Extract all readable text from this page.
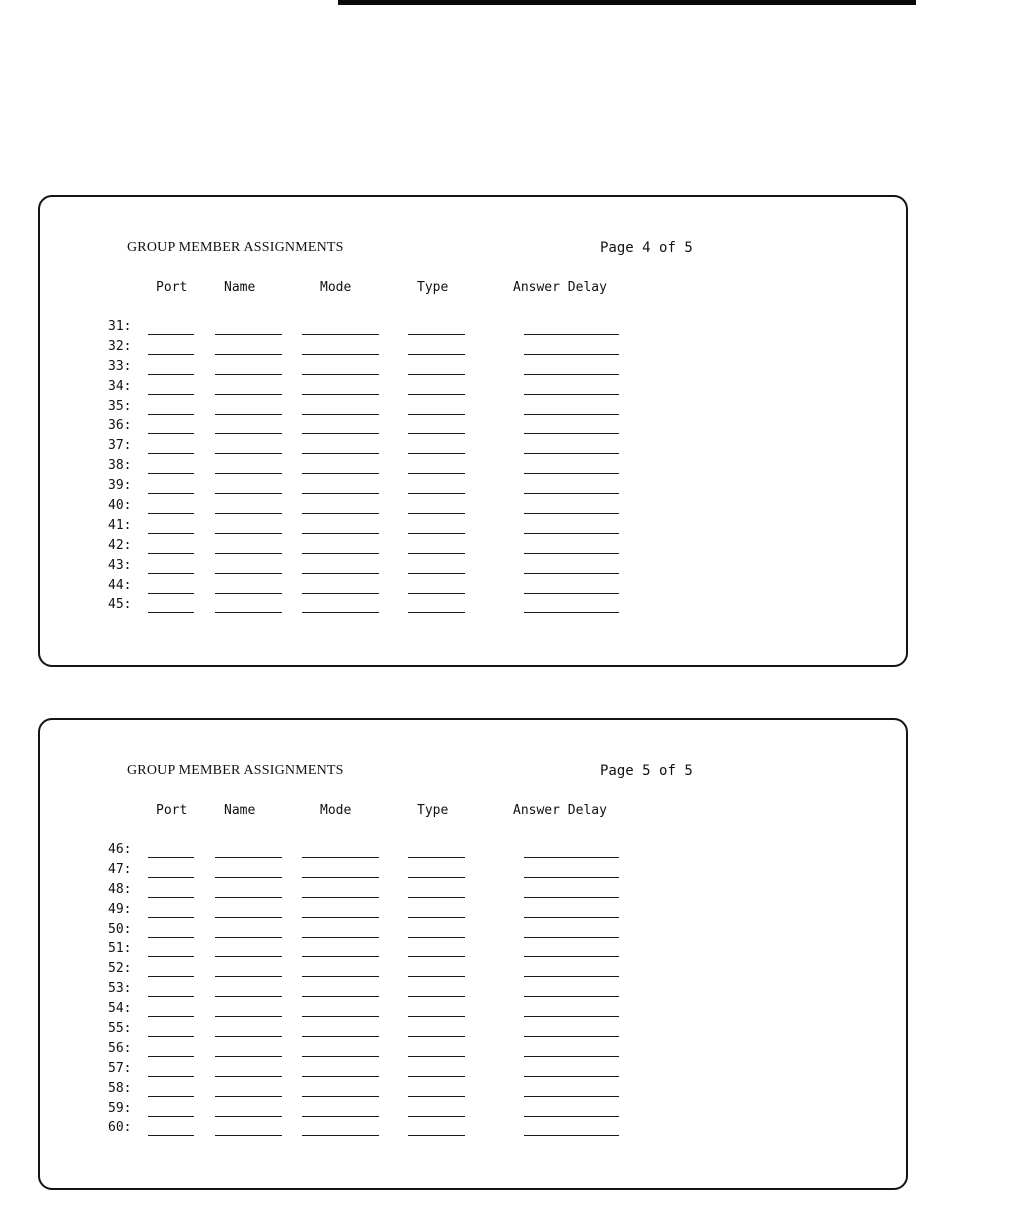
GROUP MEMBER ASSIGNMENTS	Page 4 of 5
Port	Name	Mode	Type	Answer Delay
31:
32:
33:
34:
35:
36:
37:
38:
39:
40:
41:
42:
43:
44:
45:
GROUP MEMBER ASSIGNMENTS	Page 5 of 5
Port	Name	Mode	Type	Answer Delay
46:
47:
48:
49:
50:
51:
52:
53:
54:
55:
56:
57:
58:
59:
60:
